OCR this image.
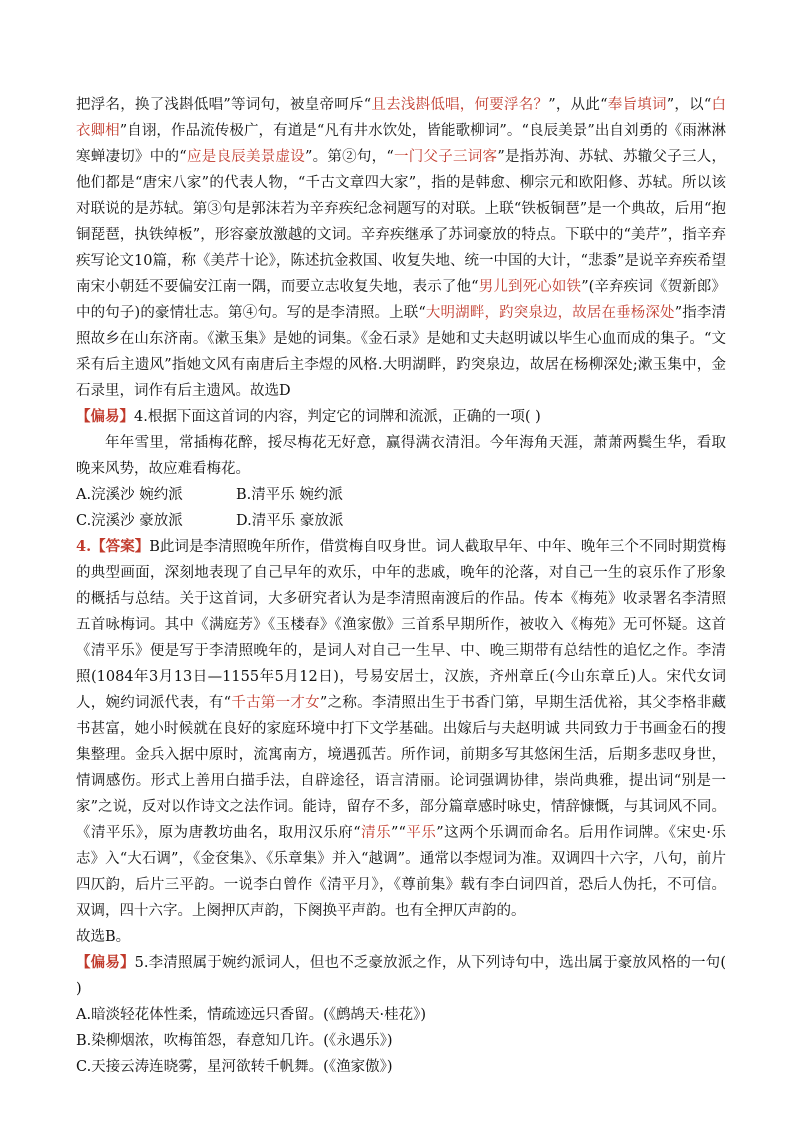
把浮名，换了浅斟低唱”等词句，被皇帝呵斥“且去浅斟低唱，何要浮名？”，从此“奉旨填词”，以“白衣卿相”自诩，作品流传极广，有道是“凡有井水饮处，皆能歌柳词”。“良辰美景”出自刘勇的《雨淋淋寒蝉凄切》中的“应是良辰美景虚设”。第②句，“一门父子三词客”是指苏洵、苏轼、苏辙父子三人，他们都是“唐宋八家”的代表人物，“千古文章四大家”，指的是韩愈、柳宗元和欧阳修、苏轼。所以该对联说的是苏轼。第③句是郭沫若为辛弃疾纪念祠题写的对联。上联“铁板铜琶”是一个典故，后用“抱铜琵琶，执铁绰板”，形容豪放激越的文词。辛弃疾继承了苏词豪放的特点。下联中的“美芹”，指辛弃疾写论文10篇，称《美芹十论》，陈述抗金救国、收复失地、统一中国的大计，“悲黍”是说辛弃疾希望南宋小朝廷不要偏安江南一隅，而要立志收复失地，表示了他“男儿到死心如铁”(辛弃疾词《贺新郎》中的句子)的豪情壮志。第④句。写的是李清照。上联“大明湖畔，趵突泉边，故居在垂杨深处”指李清照故乡在山东济南。《漱玉集》是她的词集。《金石录》是她和丈夫赵明诚以毕生心血而成的集子。“文采有后主遗风”指她文风有南唐后主李煜的风格.大明湖畔，趵突泉边，故居在杨柳深处;漱玉集中，金石录里，词作有后主遗风。故选D

【偏易】4.根据下面这首词的内容，判定它的词牌和流派，正确的一项( )

年年雪里，常插梅花醉，挼尽梅花无好意，赢得满衣清泪。今年海角天涯，萧萧两鬓生华，看取晚来风势，故应难看梅花。

A.浣溪沙 婉约派	B.清平乐 婉约派
C.浣溪沙 豪放派	D.清平乐 豪放派

4.【答案】B此词是李清照晚年所作，借赏梅自叹身世。词人截取早年、中年、晚年三个不同时期赏梅的典型画面，深刻地表现了自己早年的欢乐，中年的悲戚，晚年的沦落，对自己一生的哀乐作了形象的概括与总结。关于这首词，大多研究者认为是李清照南渡后的作品。传本《梅苑》收录署名李清照五首咏梅词。其中《满庭芳》《玉楼春》《渔家傲》三首系早期所作，被收入《梅苑》无可怀疑。这首《清平乐》便是写于李清照晚年的，是词人对自己一生早、中、晚三期带有总结性的追忆之作。李清照(1084年3月13日—1155年5月12日)，号易安居士，汉族，齐州章丘(今山东章丘)人。宋代女词人，婉约词派代表，有“千古第一才女”之称。李清照出生于书香门第，早期生活优裕，其父李格非藏书甚富，她小时候就在良好的家庭环境中打下文学基础。出嫁后与夫赵明诚 共同致力于书画金石的搜集整理。金兵入据中原时，流寓南方，境遇孤苦。所作词，前期多写其悠闲生活，后期多悲叹身世，情调感伤。形式上善用白描手法，自辟途径，语言清丽。论词强调协律，崇尚典雅，提出词“别是一家”之说，反对以作诗文之法作词。能诗，留存不多，部分篇章感时咏史，情辞慷慨，与其词风不同。《清平乐》，原为唐教坊曲名，取用汉乐府“清乐”“平乐”这两个乐调而命名。后用作词牌。《宋史·乐志》入“大石调”，《金奁集》、《乐章集》并入“越调”。通常以李煜词为准。双调四十六字，八句，前片四仄韵，后片三平韵。一说李白曾作《清平月》，《尊前集》载有李白词四首，恐后人伪托，不可信。双调，四十六字。上阕押仄声韵，下阕换平声韵。也有全押仄声韵的。

故选B。

【偏易】5.李清照属于婉约派词人，但也不乏豪放派之作，从下列诗句中，选出属于豪放风格的一句( )

A.暗淡轻花体性柔，情疏迹远只香留。(《鹧鸪天·桂花》)

B.染柳烟浓，吹梅笛怨，春意知几许。(《永遇乐》)

C.天接云涛连晓雾，星河欲转千帆舞。(《渔家傲》)
